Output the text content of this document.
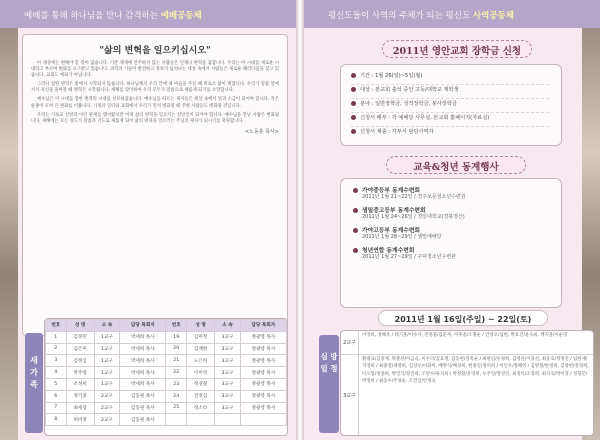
예배를 통해 하나님을 만나 감격하는 예배공동체
"삶의 변혁을 일으키십시오"

이 세상에는 변해야 할 것이 많습니다. 기존 체계에 안주하지 않는 사람들은 언제나 변혁을 꿈꿉니다. 우리는 이 시대를 새로운 시대라고 부르며 변화를 요구받고 있습니다. 과학과 기술이 발전하고 정보가 넘쳐나는 세상 속에서 사람들은 새로운 패러다임을 찾고 있습니다. 교회도 예외가 아닙니다.

그러나 참된 변혁은 밖에서 시작되지 않습니다. 하나님께서 우리 안에 새 마음을 주실 때 비로소 삶이 변합니다. 우리가 말씀 앞에 서서 자신을 돌아볼 때 변혁은 시작됩니다. 새해를 맞이하여 우리 모두가 말씀으로 새롭게 되기를 소망합니다.

예수님은 이 시대를 향한 변혁의 시대를 선포하셨습니다. 예수님을 따르는 제자들은 세상 속에서 빛과 소금이 되어야 합니다. 작은 순종이 모여 큰 변화를 이룹니다. 가정과 일터와 교회에서 우리가 먼저 변화될 때 주변 사람들도 변화될 것입니다.

우리는 기독교 신앙과 이런 관계를 맺어왔지만 이제 삶의 변혁을 일으키는 신앙인이 되어야 합니다. 예수님을 만난 사람은 변화됩니다. 새해에는 모든 성도가 말씀과 기도로 새롭게 되어 삶의 변혁을 일으키는 주님의 제자가 되시기를 축원합니다.

<노동훈 목사>
새 가 족
번호	성 명	소 속	담당 목회자	번호	성 명	소 속	담당 목회자
1	김경민	1교구	박세희 목사	19	김미정	3교구	정광영 목사
2	김은미	1교구	박세희 목사	20	김재현	3교구	정광영 목사
3	김정심	1교구	박세희 목사	21	노은희	3교구	정광영 목사
4	박주영	1교구	박세희 목사	22	이미영	3교구	정광영 목사
5	조성희	1교구	박세희 목사	23	정경철	3교구	정광영 목사
6	정기종	2교구	김동원 목사	24	전정심	3교구	정광영 목사
7	최세영	2교구	김동원 목사	25	정소라	3교구	정광영 목사
8	허미정	2교구	김동원 목사				
평신도들이 사역의 주체가 되는 평신도 사역공동체
2011년 영안교회 장학금 신청
기간 : 1월 26(일)~5일(월)
대상 : 본교회 출석 중인 고등/대학교 재학생
분야 : 일반장학금, 성적장학금, 봉사장학금
신청서 배부 : 각 예배당 사무실, 본교회 홈페이지(자료실)
신청서 제출 : 각부서 담당사역자
교육&청년 동계행사
가야중등부 동계수련회
2011년 1월 21~22일 / 경주보문청소년수련원
샘밀중고등부 동계수련회
2011년 1월 24~26일 / 경일대학교(경북경산)
가야고등부 동계수련회
2011년 1월 28~29일 / 샘밀예배당
청년연합 동계수련회
2011년 1월 27~29일 / 구덕청소년수련관
2011년 1월 16일(주일) ~ 22일(토)
심 방 일 정
2교구
이영희, 정혜옥 / 태기홍/이수자, 전홍중/김준자, 이후중/조명순 / 안영모/임현, 박효진/윤숙희, 백지홍/이순영
3교구
황대표/김정제, 박춘선/이금숙, 이수덕/김효정, 김동현/강옥순 / 최판일/우정희, 김영실/이경선, 최동호/정명선 / 임한재/지영희 / 최종철/제명희, 김상우/이화미, 배병석/배경희, 현종길/정미희 / 이인우/정혜영 / 김병철/한정희, 김창현/정경희, 이오형/정종희, 박민식/정진희, 조연수/류지희 / 박정환/유영희, 우주일/정경연, 최정익/조경희, 최지욱/박미경 / 정형문/박정희 / 최동수/주성순, 조진일/안정숙
